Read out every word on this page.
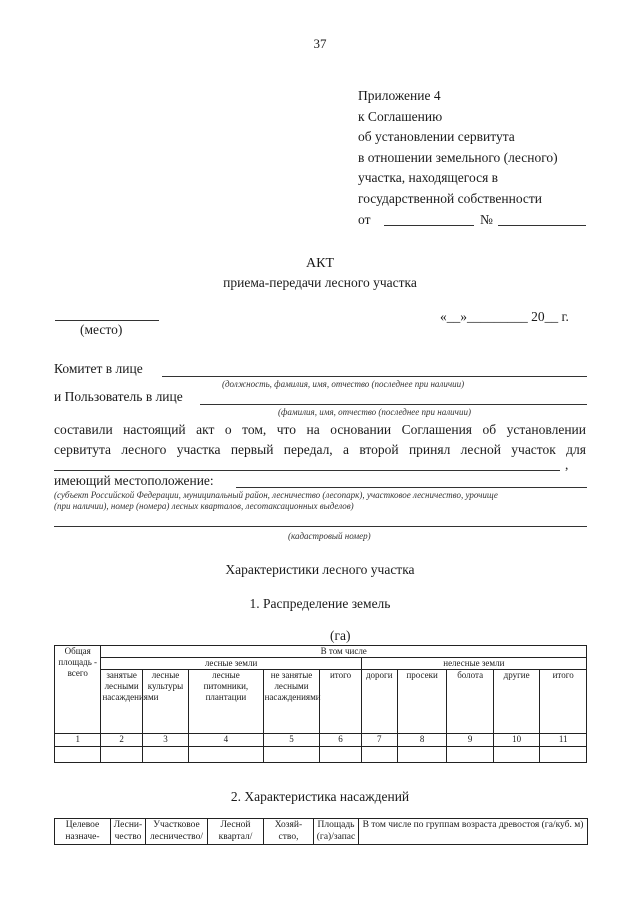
37
Приложение 4
к Соглашению
об установлении сервитута
в отношении земельного (лесного)
участка, находящегося в
государственной собственности
от	№
АКТ
приема-передачи лесного участка
(место)
«__»_________ 20__ г.
Комитет в лице
(должность, фамилия, имя, отчество (последнее при наличии)
и Пользователь в лице
(фамилия, имя, отчество (последнее при наличии)
составили настоящий акт о том, что на основании Соглашения об установлении
сервитута лесного участка первый передал, а второй принял лесной участок для
,
имеющий местоположение:
(субъект Российской Федерации, муниципальный район, лесничество (лесопарк), участковое лесничество, урочище
(при наличии), номер (номера) лесных кварталов, лесотаксационных выделов)
(кадастровый номер)
Характеристики лесного участка
1. Распределение земель
(га)
Общая площадь - всего	В том числе									
	лесные земли					нелесные земли				
	занятые лесными насаждениями	лесные культуры	лесные питомники, плантации	не занятые лесными насаждениями	итого	дороги	просеки	болота	другие	итого
1	2	3	4	5	6	7	8	9	10	11

2. Характеристика насаждений
Целевое назначе-	Лесни-чество	Участковое лесничество/	Лесной квартал/	Хозяй-ство,	Площадь (га)/запас	В том числе по группам возраста древостоя (га/куб. м)
